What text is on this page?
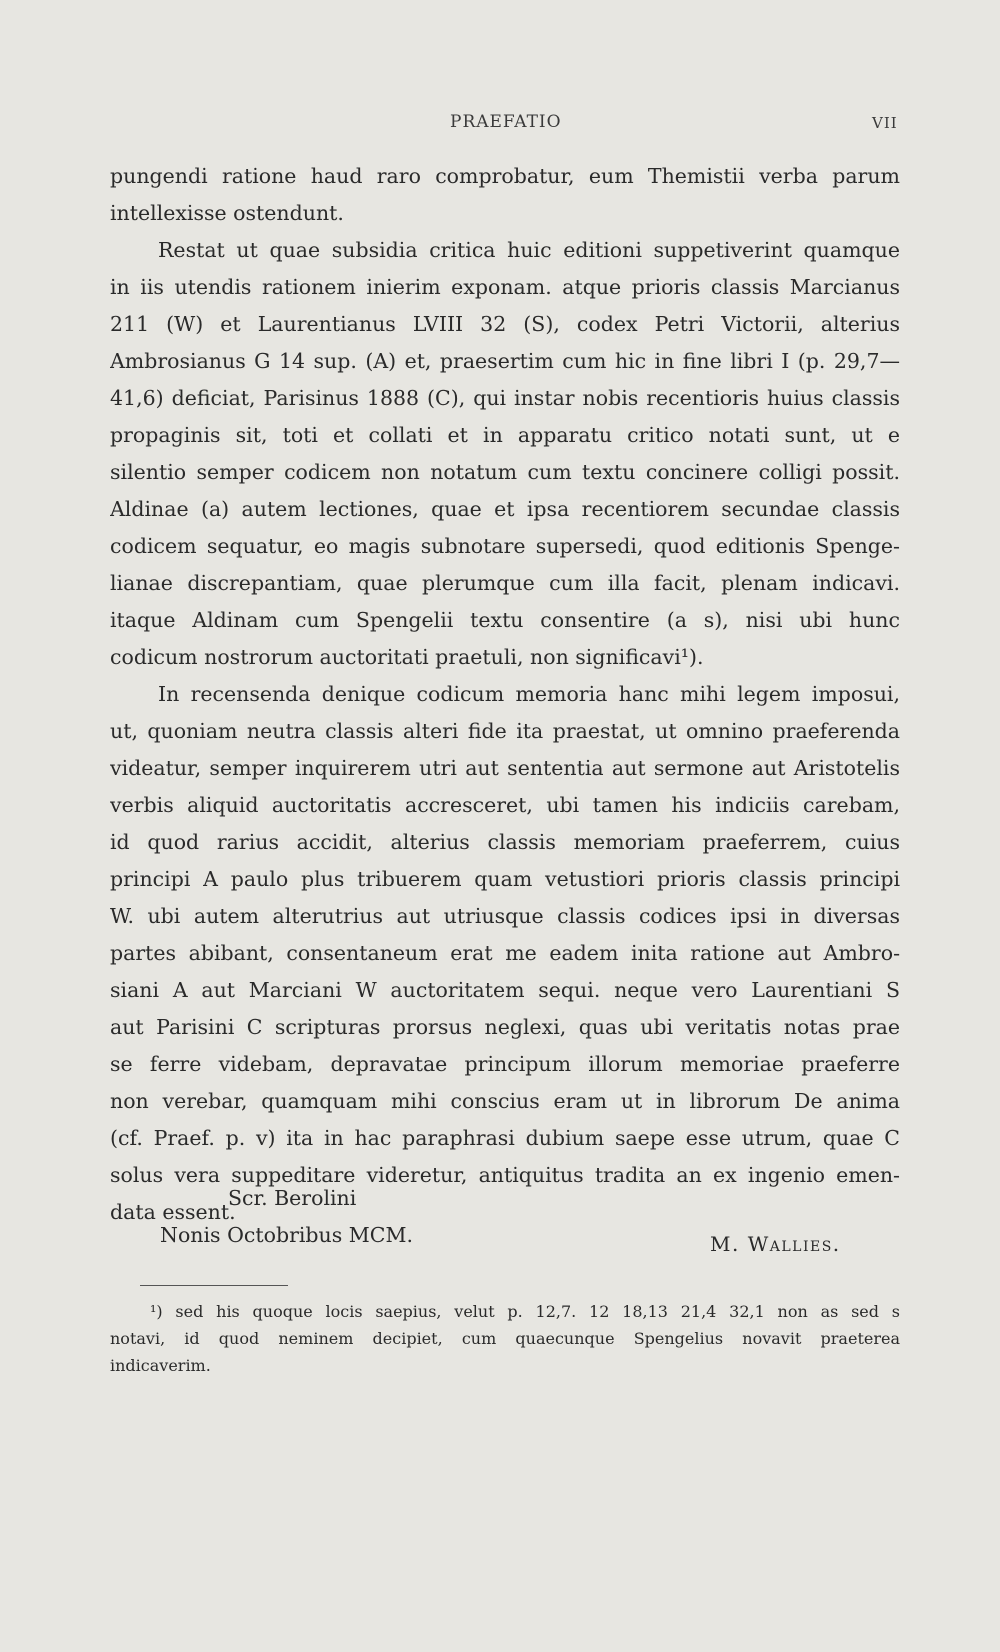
PRAEFATIO	VII
pungendi ratione haud raro comprobatur, eum Themistii verba parum
intellexisse ostendunt.
Restat ut quae subsidia critica huic editioni suppetiverint quamque
in iis utendis rationem inierim exponam. atque prioris classis Marcianus
211 (W) et Laurentianus LVIII 32 (S), codex Petri Victorii, alterius
Ambrosianus G 14 sup. (A) et, praesertim cum hic in fine libri I (p. 29,7—
41,6) deficiat, Parisinus 1888 (C), qui instar nobis recentioris huius classis
propaginis sit, toti et collati et in apparatu critico notati sunt, ut e
silentio semper codicem non notatum cum textu concinere colligi possit.
Aldinae (a) autem lectiones, quae et ipsa recentiorem secundae classis
codicem sequatur, eo magis subnotare supersedi, quod editionis Spenge-
lianae discrepantiam, quae plerumque cum illa facit, plenam indicavi.
itaque Aldinam cum Spengelii textu consentire (a s), nisi ubi hunc
codicum nostrorum auctoritati praetuli, non significavi¹).
In recensenda denique codicum memoria hanc mihi legem imposui,
ut, quoniam neutra classis alteri fide ita praestat, ut omnino praeferenda
videatur, semper inquirerem utri aut sententia aut sermone aut Aristotelis
verbis aliquid auctoritatis accresceret, ubi tamen his indiciis carebam,
id quod rarius accidit, alterius classis memoriam praeferrem, cuius
principi A paulo plus tribuerem quam vetustiori prioris classis principi
W. ubi autem alterutrius aut utriusque classis codices ipsi in diversas
partes abibant, consentaneum erat me eadem inita ratione aut Ambro-
siani A aut Marciani W auctoritatem sequi. neque vero Laurentiani S
aut Parisini C scripturas prorsus neglexi, quas ubi veritatis notas prae
se ferre videbam, depravatae principum illorum memoriae praeferre
non verebar, quamquam mihi conscius eram ut in librorum De anima
(cf. Praef. p. v) ita in hac paraphrasi dubium saepe esse utrum, quae C
solus vera suppeditare videretur, antiquitus tradita an ex ingenio emen-
data essent.
Scr. Berolini
Nonis Octobribus MCM.	M. Wallies.
¹) sed his quoque locis saepius, velut p. 12,7. 12 18,13 21,4 32,1 non as sed s
notavi, id quod neminem decipiet, cum quaecunque Spengelius novavit praeterea
indicaverim.
